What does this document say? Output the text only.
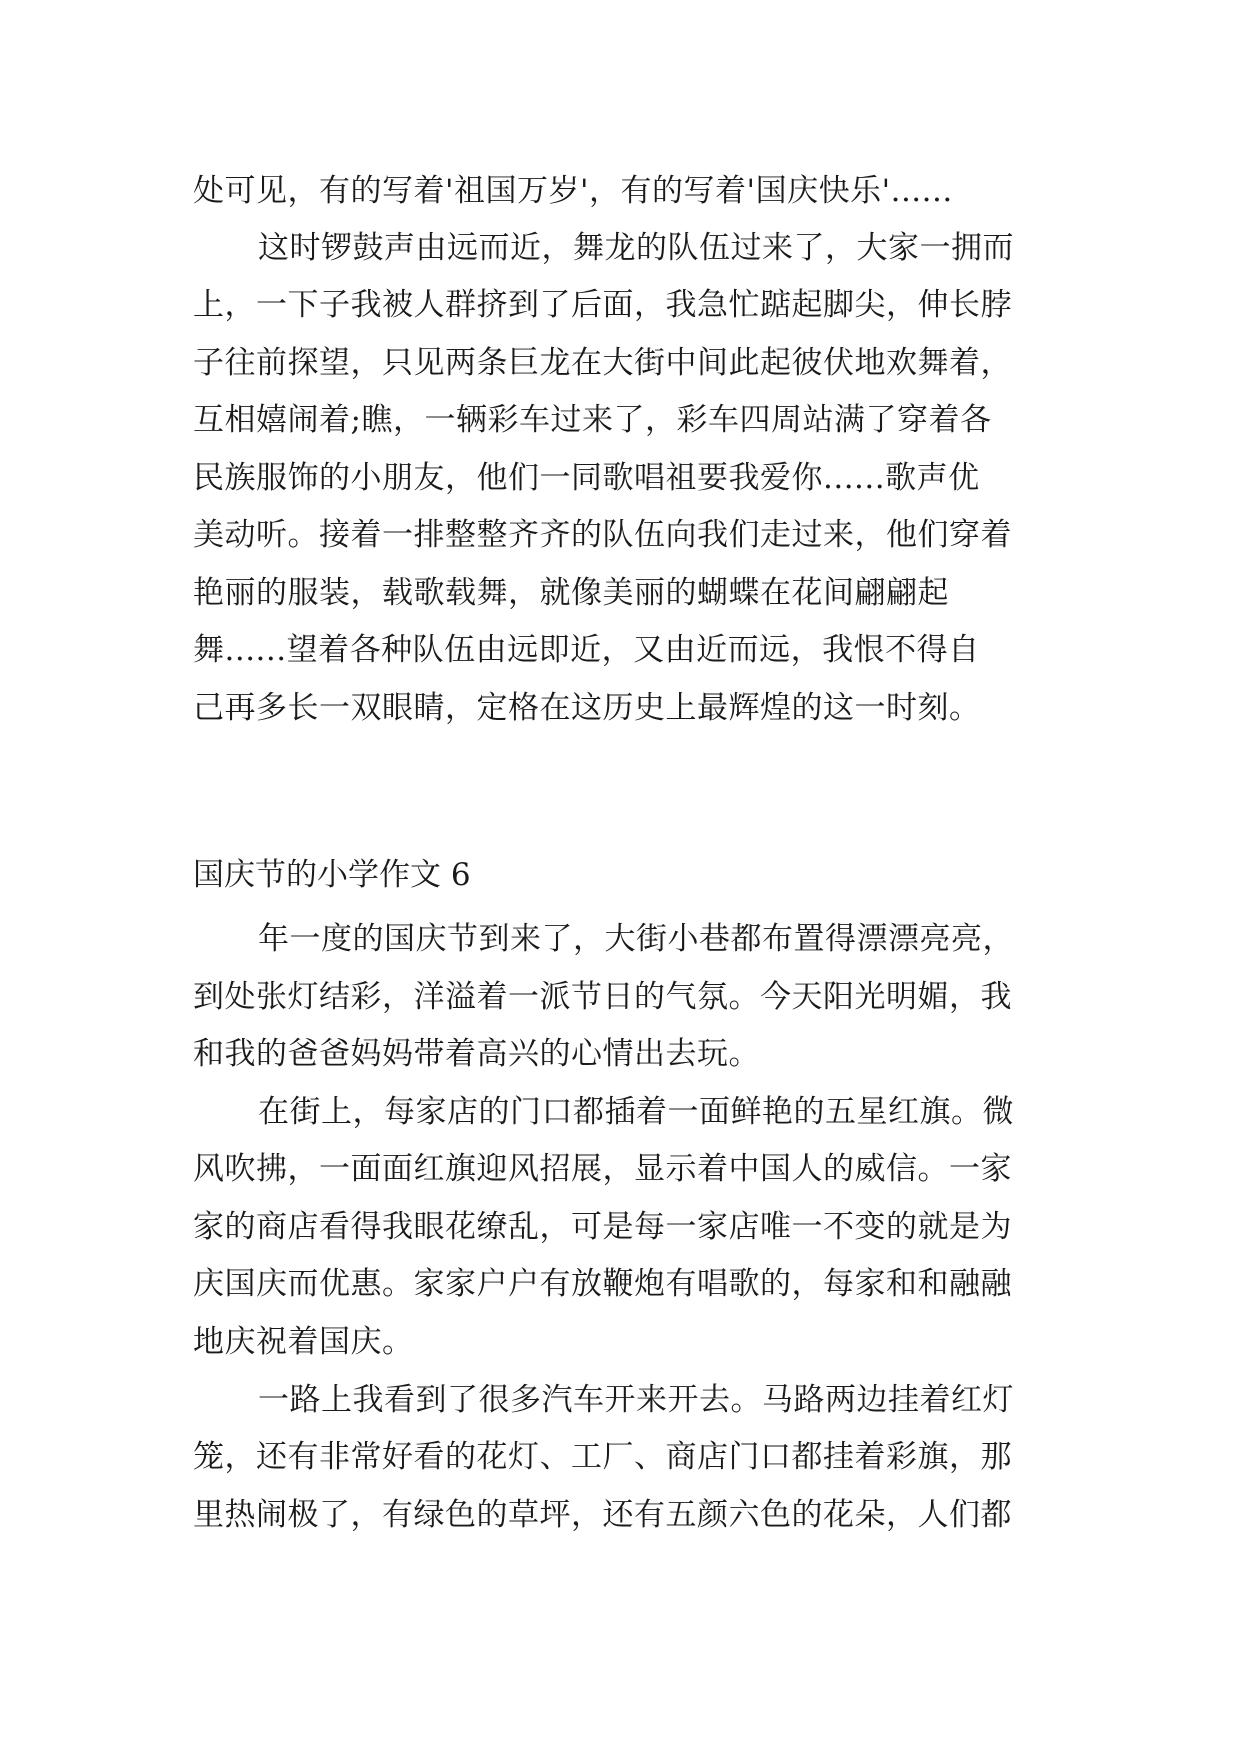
处可见，有的写着'祖国万岁'，有的写着'国庆快乐'......
这时锣鼓声由远而近，舞龙的队伍过来了，大家一拥而
上，一下子我被人群挤到了后面，我急忙踮起脚尖，伸长脖
子往前探望，只见两条巨龙在大街中间此起彼伏地欢舞着，
互相嬉闹着;瞧，一辆彩车过来了，彩车四周站满了穿着各
民族服饰的小朋友，他们一同歌唱祖要我爱你......歌声优
美动听。接着一排整整齐齐的队伍向我们走过来，他们穿着
艳丽的服装，载歌载舞，就像美丽的蝴蝶在花间翩翩起
舞......望着各种队伍由远即近，又由近而远，我恨不得自
己再多长一双眼睛，定格在这历史上最辉煌的这一时刻。
国庆节的小学作文 6
年一度的国庆节到来了，大街小巷都布置得漂漂亮亮，
到处张灯结彩，洋溢着一派节日的气氛。今天阳光明媚，我
和我的爸爸妈妈带着高兴的心情出去玩。
在街上，每家店的门口都插着一面鲜艳的五星红旗。微
风吹拂，一面面红旗迎风招展，显示着中国人的威信。一家
家的商店看得我眼花缭乱，可是每一家店唯一不变的就是为
庆国庆而优惠。家家户户有放鞭炮有唱歌的，每家和和融融
地庆祝着国庆。
一路上我看到了很多汽车开来开去。马路两边挂着红灯
笼，还有非常好看的花灯、工厂、商店门口都挂着彩旗，那
里热闹极了，有绿色的草坪，还有五颜六色的花朵，人们都
